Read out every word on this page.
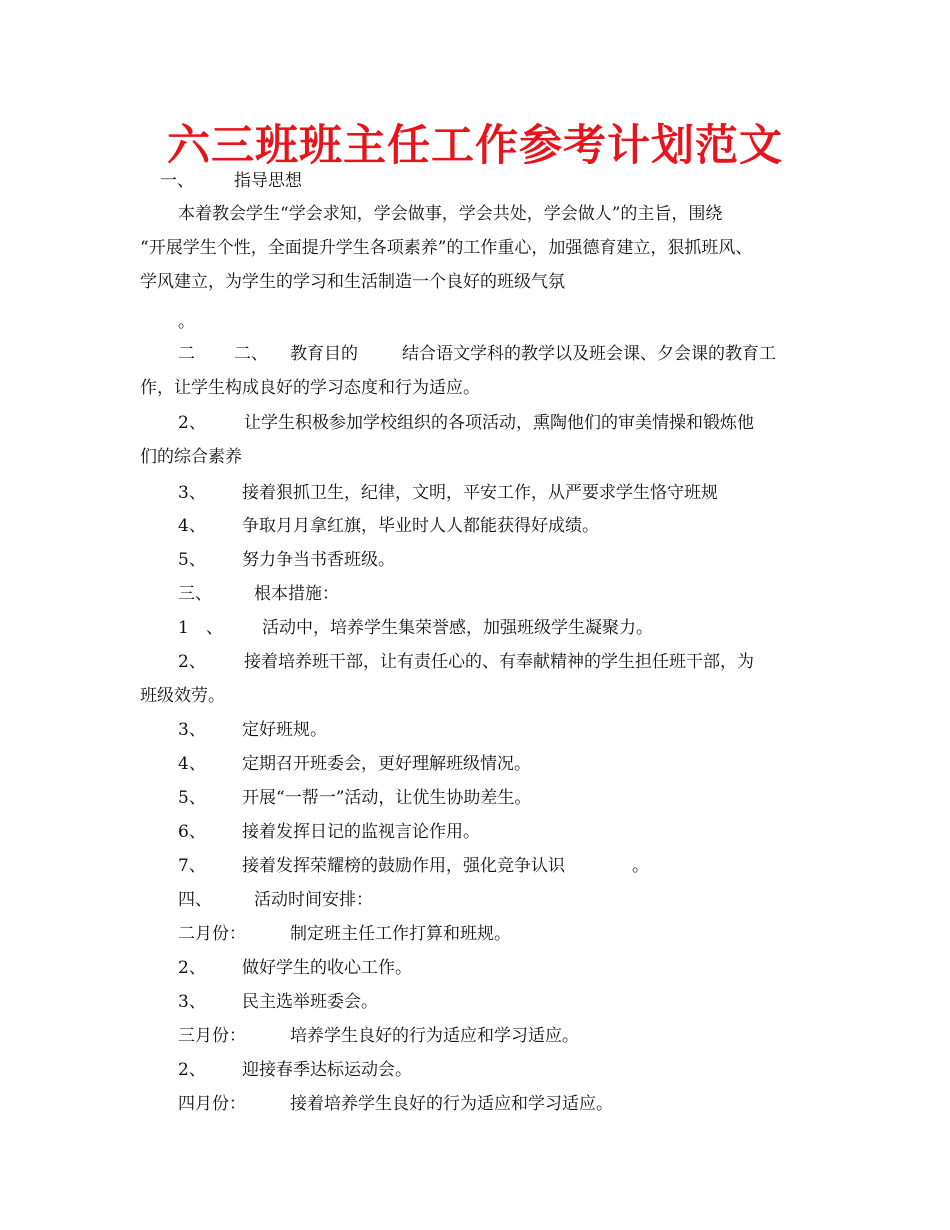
六三班班主任工作参考计划范文
一、 指导思想
本着教会学生“学会求知，学会做事，学会共处，学会做人”的主旨，围绕
“开展学生个性，全面提升学生各项素养”的工作重心，加强德育建立，狠抓班风、
学风建立，为学生的学习和生活制造一个良好的班级气氛
。
二 二、 教育目的	结合语文学科的教学以及班会课、夕会课的教育工
作，让学生构成良好的学习态度和行为适应。
2、 让学生积极参加学校组织的各项活动，熏陶他们的审美情操和锻炼他
们的综合素养
3、 接着狠抓卫生，纪律，文明，平安工作，从严要求学生恪守班规
4、 争取月月拿红旗，毕业时人人都能获得好成绩。
5、 努力争当书香班级。
三、 根本措施：
1 、 活动中，培养学生集荣誉感，加强班级学生凝聚力。
2、 接着培养班干部，让有责任心的、有奉献精神的学生担任班干部，为
班级效劳。
3、 定好班规。
4、 定期召开班委会，更好理解班级情况。
5、 开展“一帮一”活动，让优生协助差生。
6、 接着发挥日记的监视言论作用。
7、 接着发挥荣耀榜的鼓励作用，强化竞争认识	。
四、 活动时间安排：
二月份：	制定班主任工作打算和班规。
2、 做好学生的收心工作。
3、 民主选举班委会。
三月份：	培养学生良好的行为适应和学习适应。
2、 迎接春季达标运动会。
四月份：	接着培养学生良好的行为适应和学习适应。
